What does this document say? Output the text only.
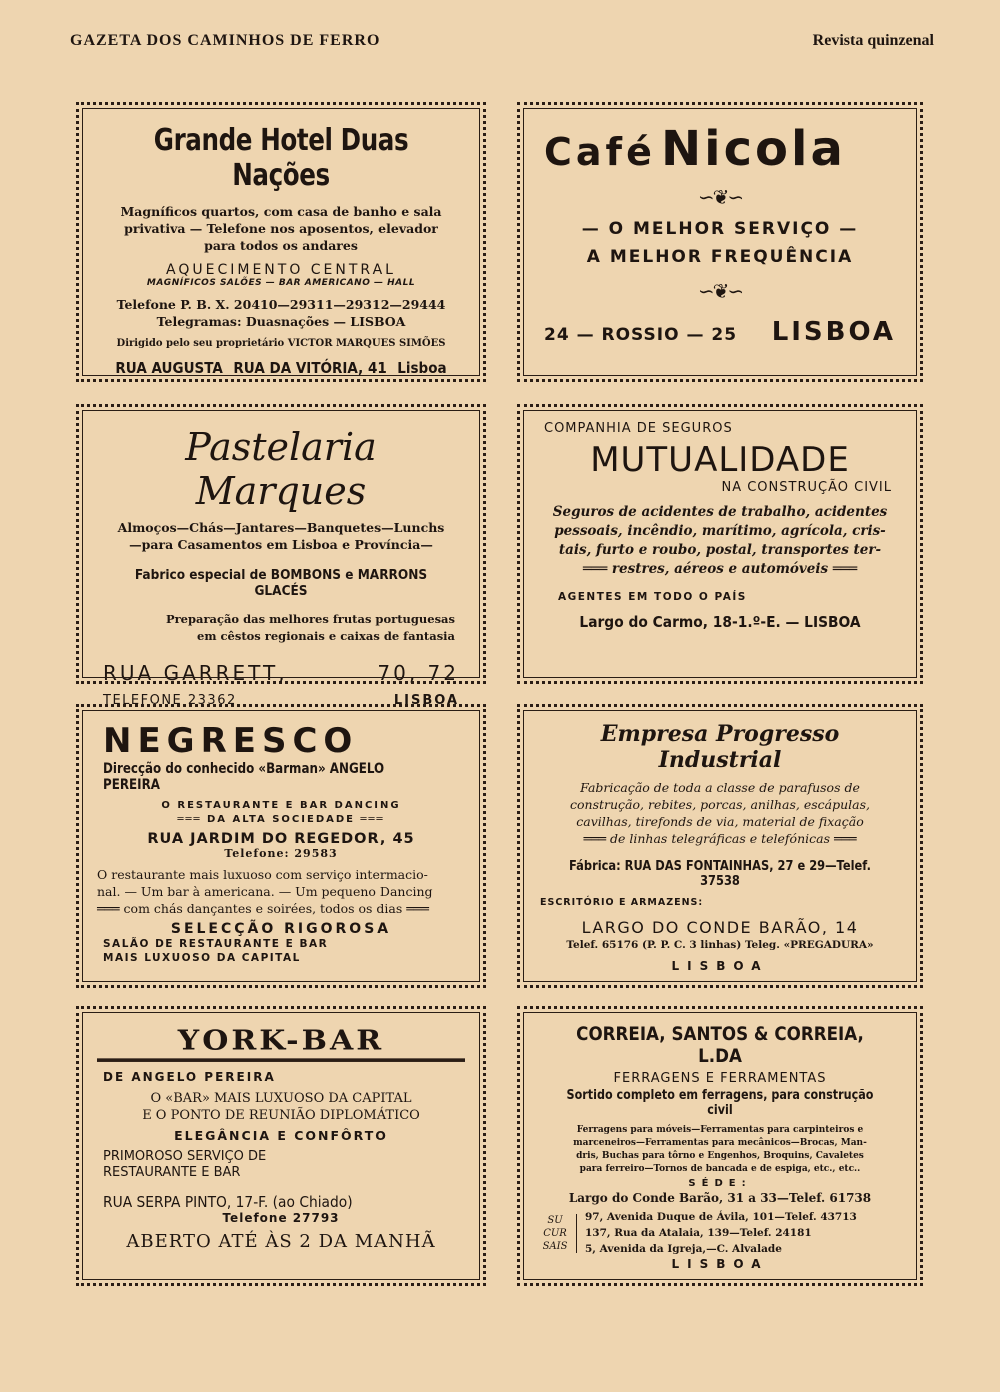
GAZETA DOS CAMINHOS DE FERRO	Revista quinzenal
Grande Hotel Duas Nações
Magníficos quartos, com casa de banho e sala
privativa — Telefone nos aposentos, elevador
para todos os andares
AQUECIMENTO CENTRAL
MAGNÍFICOS SALÕES — BAR AMERICANO — HALL
Telefone P. B. X. 20410—29311—29312—29444
Telegramas: Duasnações — LISBOA
Dirigido pelo seu proprietário VICTOR MARQUES SIMÕES
RUA AUGUSTA RUA DA VITÓRIA, 41 Lisboa
Café Nicola
∽❦∽
— O MELHOR SERVIÇO —
A MELHOR FREQUÊNCIA
∽❦∽
24 — ROSSIO — 25 LISBOA
Pastelaria Marques
Almoços—Chás—Jantares—Banquetes—Lunchs
—para Casamentos em Lisboa e Província—
Fabrico especial de BOMBONS e MARRONS GLACÉS
Preparação das melhores frutas portuguesas
em cêstos regionais e caixas de fantasia
RUA GARRETT,	70, 72
TELEFONE 23362	LISBOA
COMPANHIA DE SEGUROS
MUTUALIDADE
NA CONSTRUÇÃO CIVIL
Seguros de acidentes de trabalho, acidentes
pessoais, incêndio, marítimo, agrícola, cris-
tais, furto e roubo, postal, transportes ter-
═══ restres, aéreos e automóveis ═══
AGENTES EM TODO O PAÍS
Largo do Carmo, 18-1.º-E. — LISBOA
NEGRESCO
Direcção do conhecido «Barman» ANGELO PEREIRA
O RESTAURANTE E BAR DANCING
═══ DA ALTA SOCIEDADE ═══
RUA JARDIM DO REGEDOR, 45
Telefone: 29583
O restaurante mais luxuoso com serviço intermacio-
nal. — Um bar à americana. — Um pequeno Dancing
═══ com chás dançantes e soirées, todos os dias ═══
SELECÇÃO RIGOROSA
SALÃO DE RESTAURANTE E BAR
MAIS LUXUOSO DA CAPITAL
Empresa Progresso Industrial
Fabricação de toda a classe de parafusos de
construção, rebites, porcas, anilhas, escápulas,
cavilhas, tirefonds de via, material de fixação
═══ de linhas telegráficas e telefónicas ═══
Fábrica: RUA DAS FONTAINHAS, 27 e 29—Telef. 37538
ESCRITÓRIO E ARMAZENS:
LARGO DO CONDE BARÃO, 14
Telef. 65176 (P. P. C. 3 linhas) Teleg. «PREGADURA»
LISBOA
YORK-BAR
DE ANGELO PEREIRA
O «BAR» MAIS LUXUOSO DA CAPITAL
E O PONTO DE REUNIÃO DIPLOMÁTICO
ELEGÂNCIA E CONFÔRTO
PRIMOROSO SERVIÇO DE
RESTAURANTE E BAR
RUA SERPA PINTO, 17-F. (ao Chiado)
Telefone 27793
ABERTO ATÉ ÀS 2 DA MANHÃ
CORREIA, SANTOS & CORREIA, L.DA
FERRAGENS E FERRAMENTAS
Sortido completo em ferragens, para construção civil
Ferragens para móveis—Ferramentas para carpinteiros e
marceneiros—Ferramentas para mecânicos—Brocas, Man-
dris, Buchas para tôrno e Engenhos, Broquins, Cavaletes
para ferreiro—Tornos de bancada e de espiga, etc., etc..
SÉDE:
Largo do Conde Barão, 31 a 33—Telef. 61738
SU
CUR
SAIS
97, Avenida Duque de Ávila, 101—Telef. 43713
137, Rua da Atalaia, 139—Telef. 24181
5, Avenida da Igreja,—C. Alvalade
LISBOA
